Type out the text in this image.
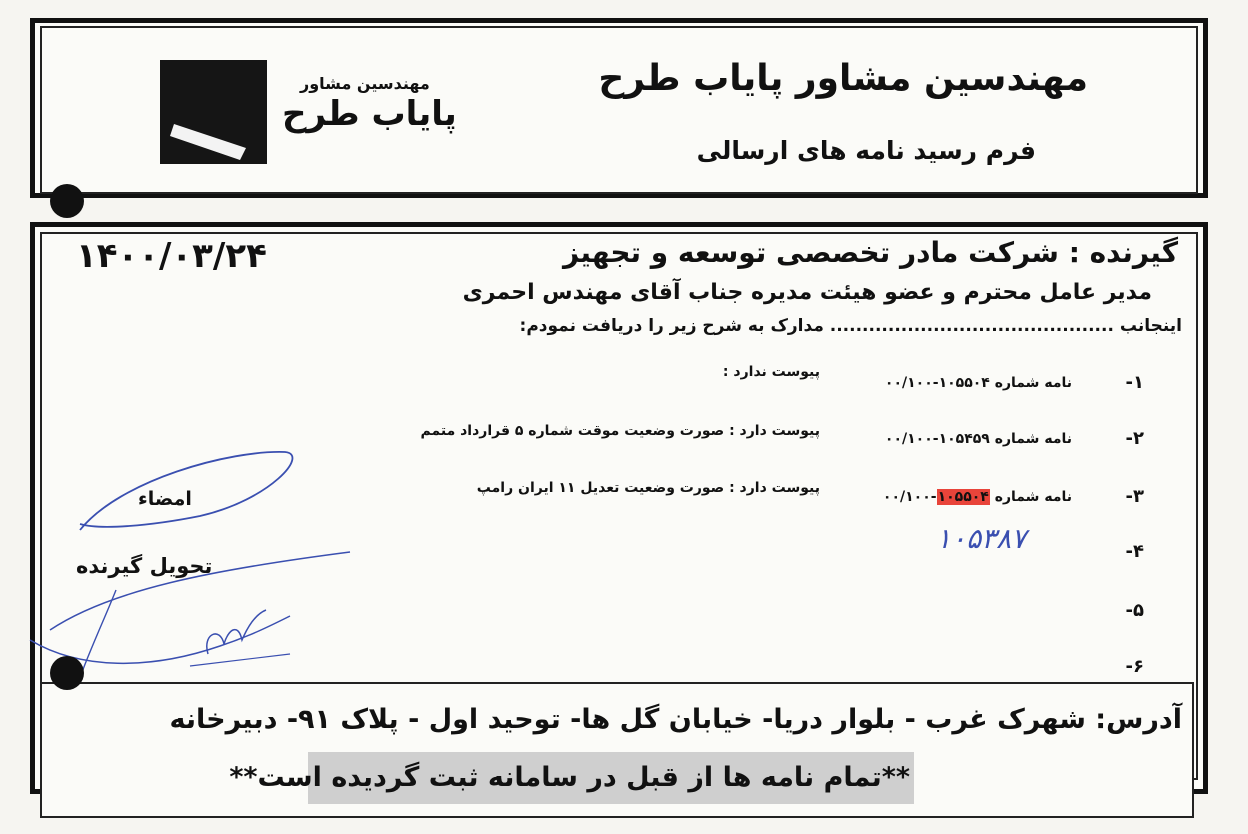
مهندسین مشاور
پایاب طرح
مهندسین مشاور پایاب طرح
فرم رسید نامه های ارسالی
۱۴۰۰/۰۳/۲۴	گیرنده : شرکت مادر تخصصی توسعه و تجهیز
مدیر عامل محترم و عضو هیئت مدیره جناب آقای مهندس احمری
اینجانب ............................................ مدارک به شرح زیر را دریافت نمودم:
-۱
نامه شماره ۱۰۵۵۰۴-۰۰/۱۰۰
پیوست ندارد :
-۲
نامه شماره ۱۰۵۴۵۹-۰۰/۱۰۰
پیوست دارد : صورت وضعیت موقت شماره ۵ قرارداد متمم
-۳
نامه شماره ۱۰۵۵۰۴-۰۰/۱۰۰
پیوست دارد : صورت وضعیت تعدیل ۱۱ ایران رامپ
-۴
۱۰۵۳۸۷
-۵
-۶
امضاء
تحویل گیرنده
آدرس: شهرک غرب - بلوار دریا- خیابان گل ها- توحید اول - پلاک ۹۱- دبیرخانه
**تمام نامه ها از قبل در سامانه ثبت گردیده است**
